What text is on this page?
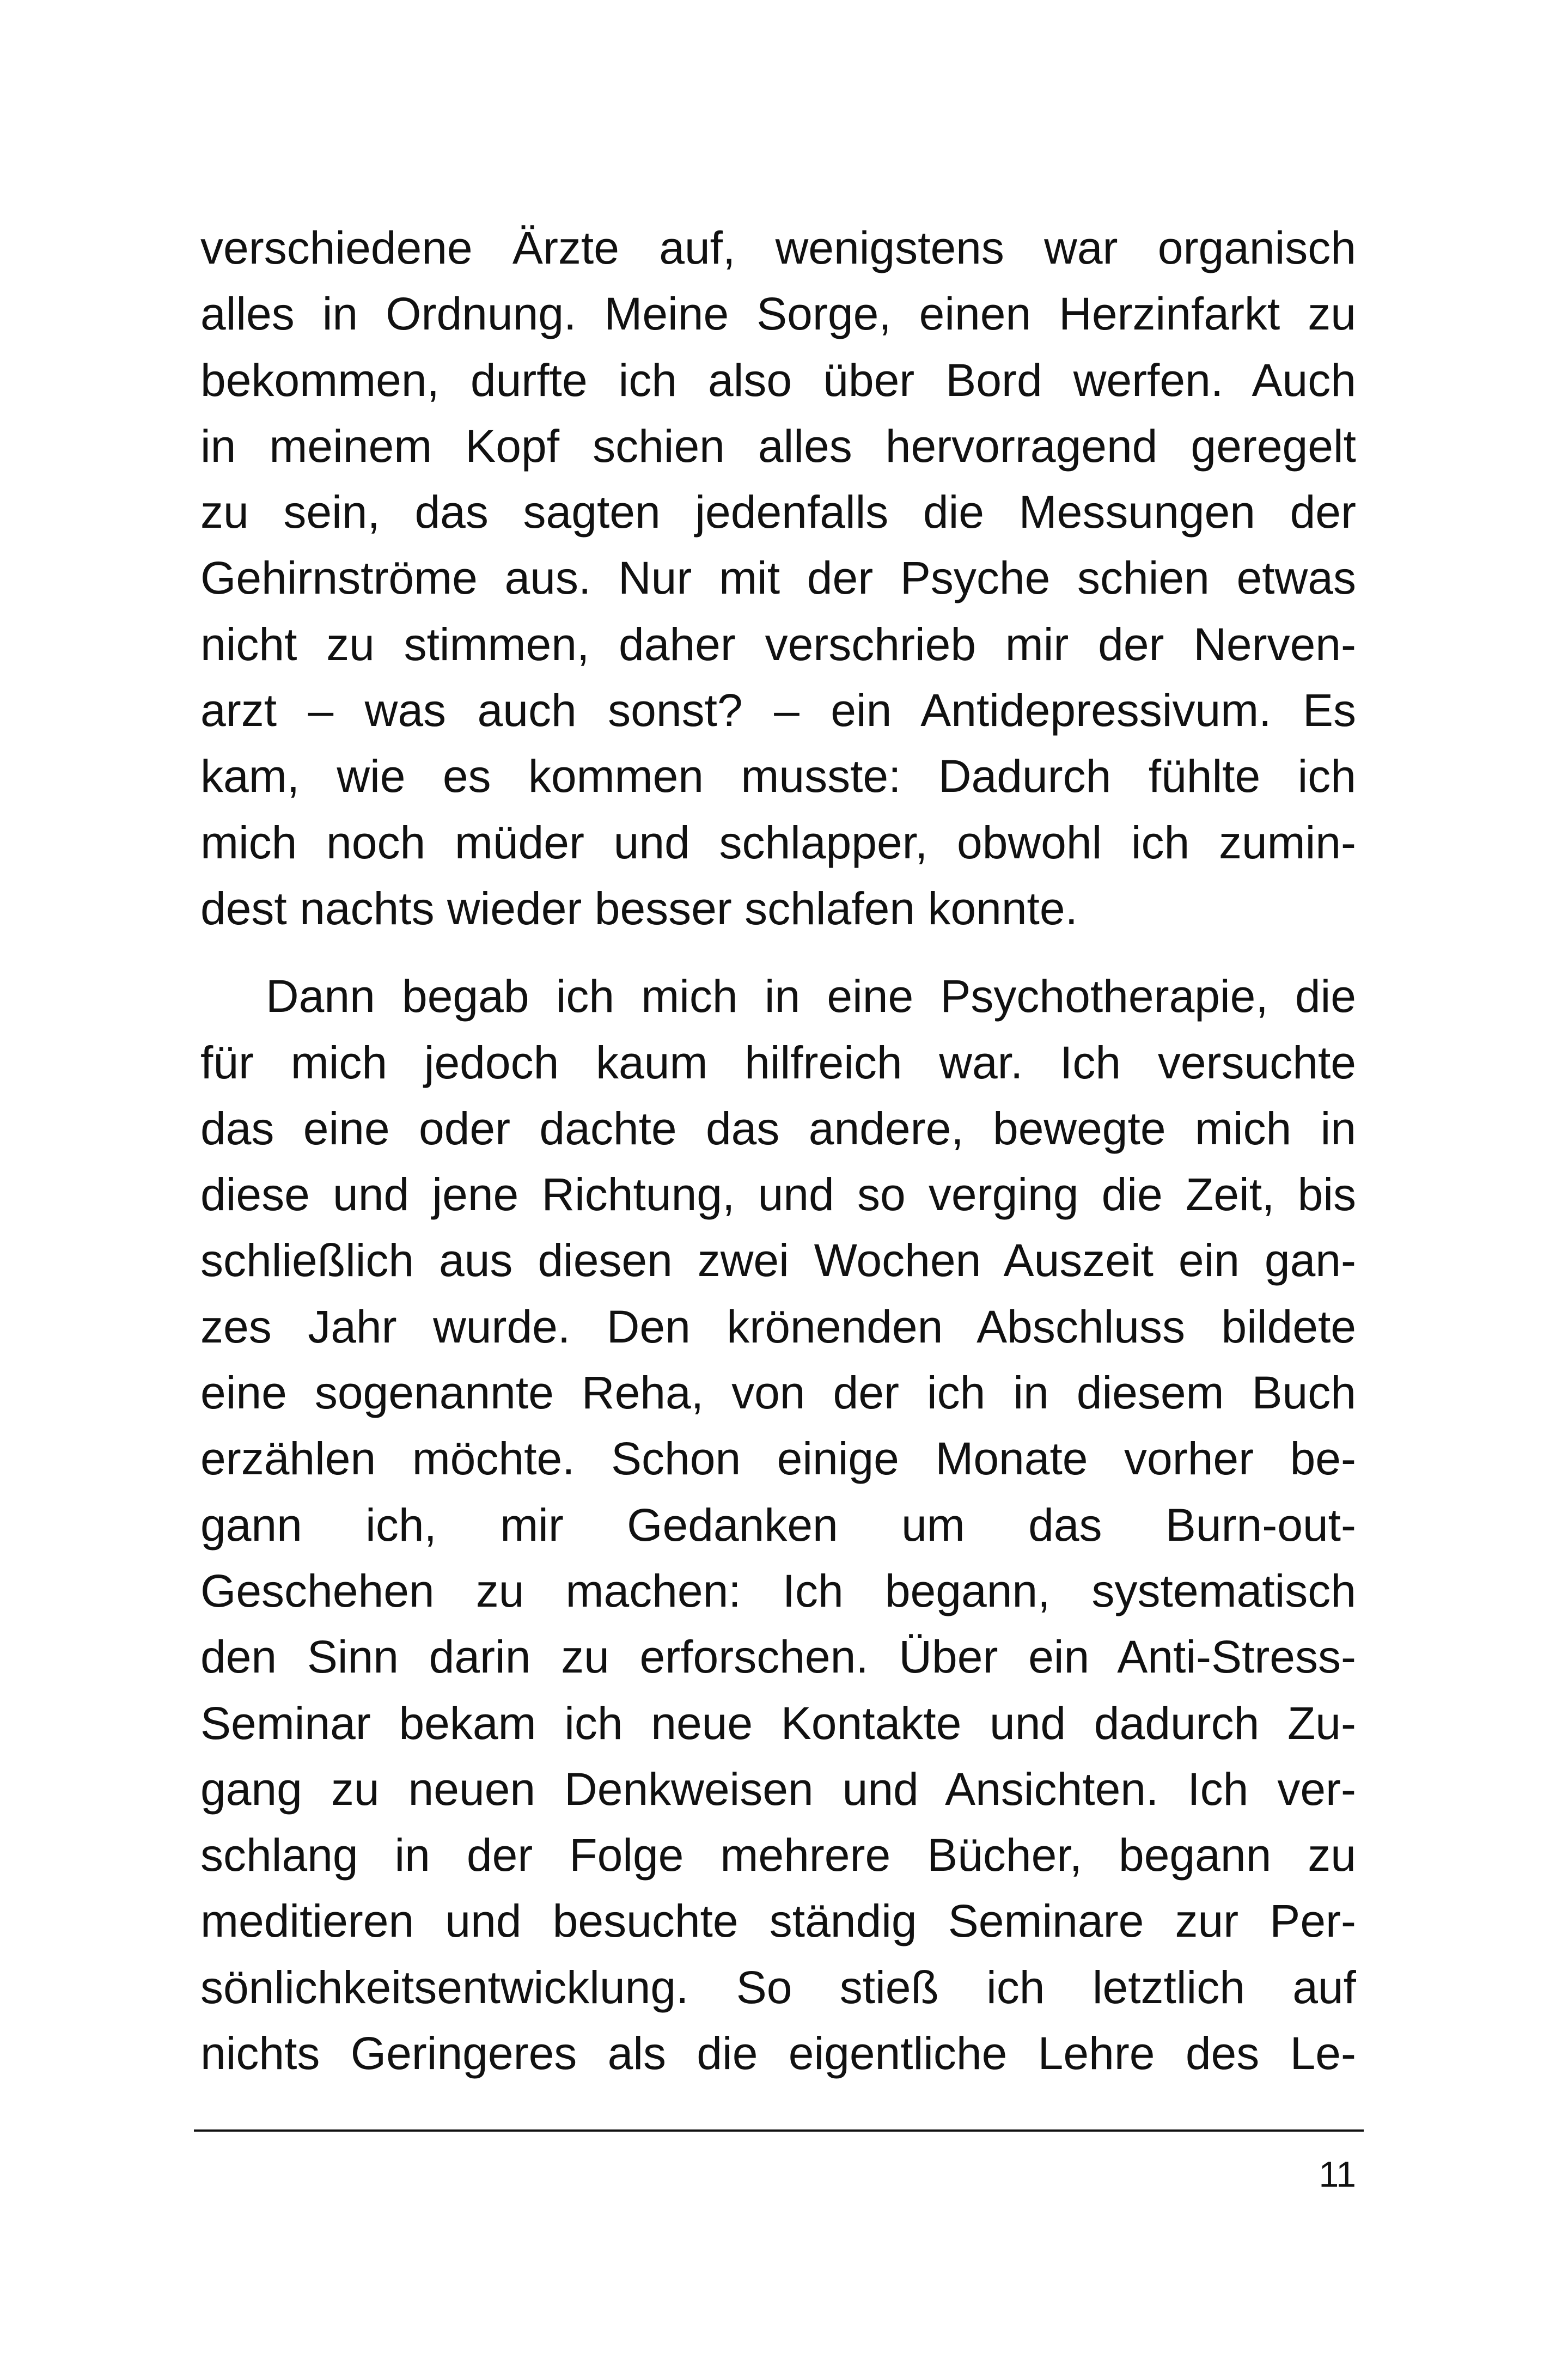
verschiedene Ärzte auf, wenigstens war organisch
alles in Ordnung. Meine Sorge, einen Herzinfarkt zu
bekommen, durfte ich also über Bord werfen. Auch
in meinem Kopf schien alles hervorragend geregelt
zu sein, das sagten jedenfalls die Messungen der
Gehirnströme aus. Nur mit der Psyche schien etwas
nicht zu stimmen, daher verschrieb mir der Nerven-
arzt – was auch sonst? – ein Antidepressivum. Es
kam, wie es kommen musste: Dadurch fühlte ich
mich noch müder und schlapper, obwohl ich zumin-
dest nachts wieder besser schlafen konnte.
Dann begab ich mich in eine Psychotherapie, die
für mich jedoch kaum hilfreich war. Ich versuchte
das eine oder dachte das andere, bewegte mich in
diese und jene Richtung, und so verging die Zeit, bis
schließlich aus diesen zwei Wochen Auszeit ein gan-
zes Jahr wurde. Den krönenden Abschluss bildete
eine sogenannte Reha, von der ich in diesem Buch
erzählen möchte. Schon einige Monate vorher be-
gann ich, mir Gedanken um das Burn-out-
Geschehen zu machen: Ich begann, systematisch
den Sinn darin zu erforschen. Über ein Anti-Stress-
Seminar bekam ich neue Kontakte und dadurch Zu-
gang zu neuen Denkweisen und Ansichten. Ich ver-
schlang in der Folge mehrere Bücher, begann zu
meditieren und besuchte ständig Seminare zur Per-
sönlichkeitsentwicklung. So stieß ich letztlich auf
nichts Geringeres als die eigentliche Lehre des Le-
11
